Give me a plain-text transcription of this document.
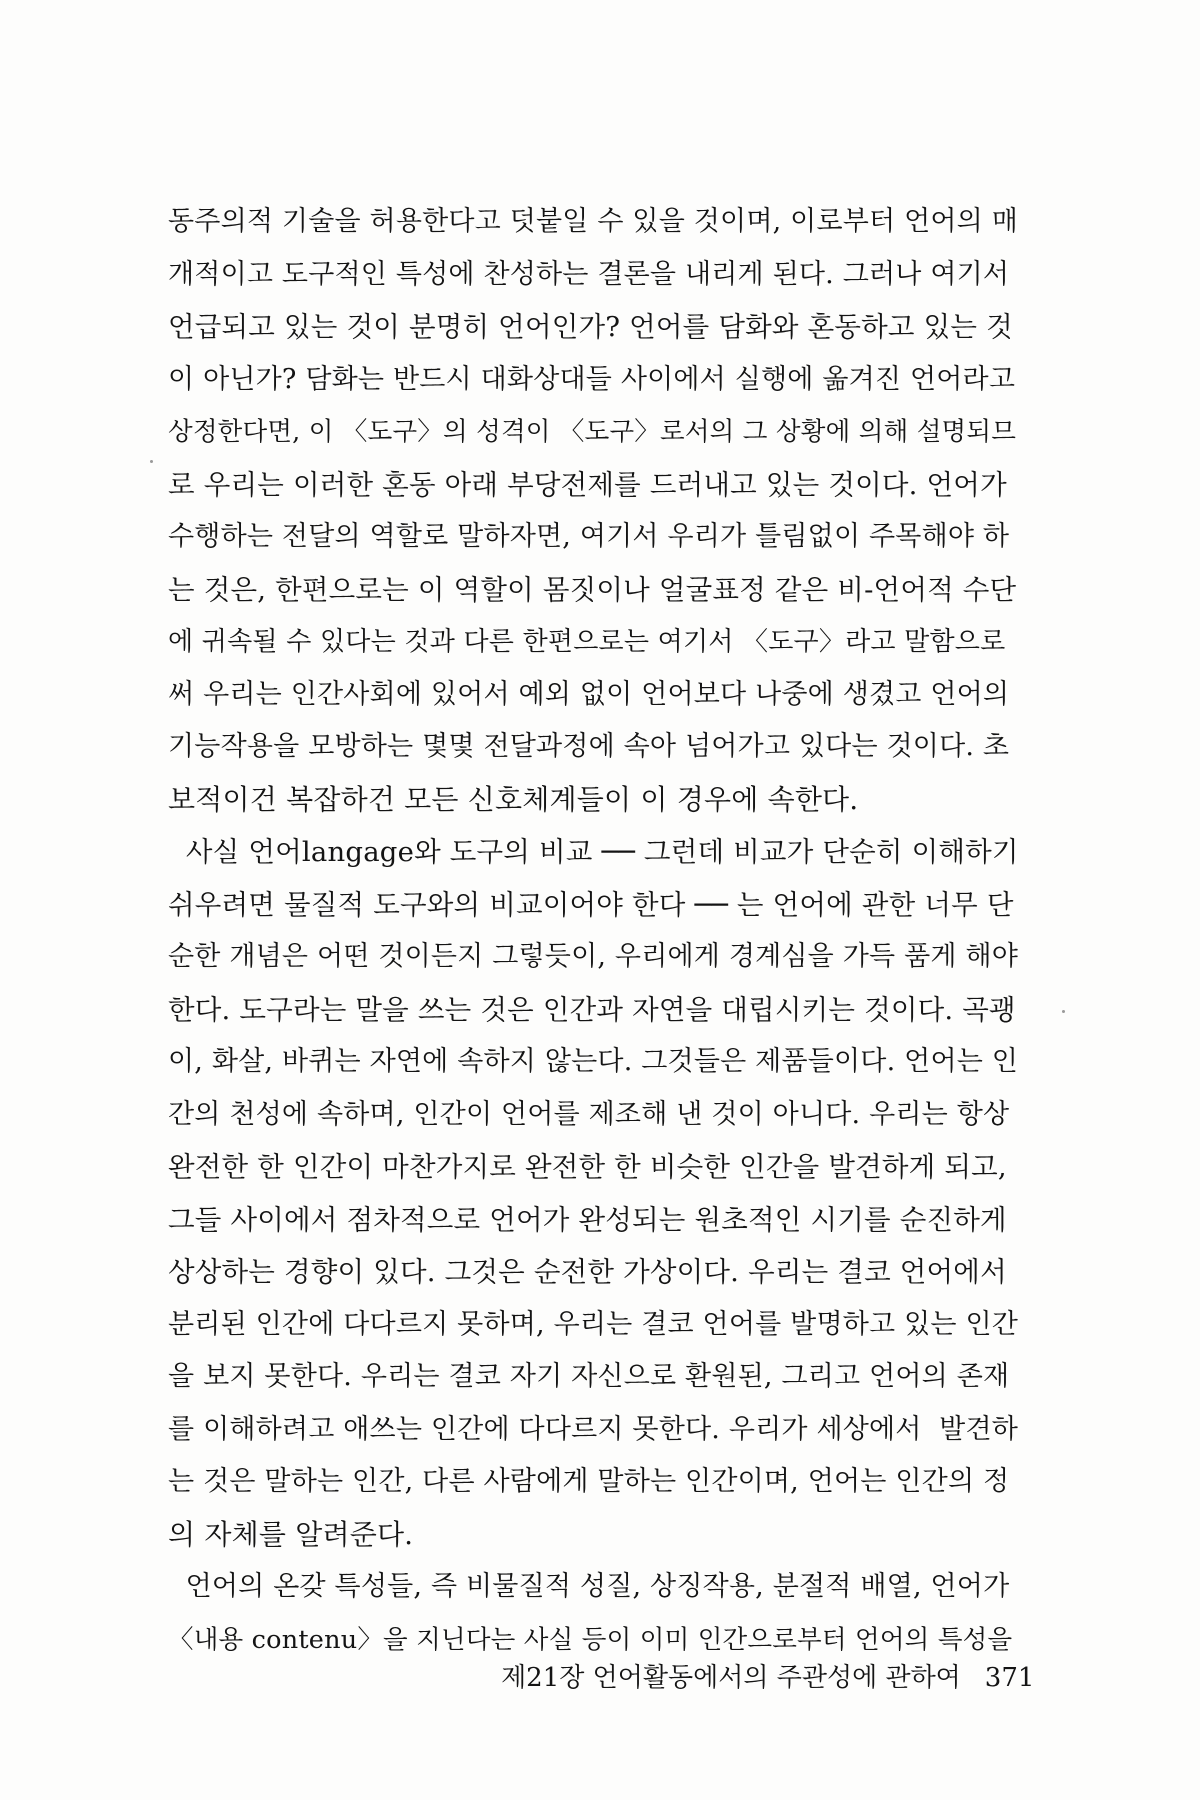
동주의적 기술을 허용한다고 덧붙일 수 있을 것이며, 이로부터 언어의 매
개적이고 도구적인 특성에 찬성하는 결론을 내리게 된다. 그러나 여기서
언급되고 있는 것이 분명히 언어인가? 언어를 담화와 혼동하고 있는 것
이 아닌가? 담화는 반드시 대화상대들 사이에서 실행에 옮겨진 언어라고
상정한다면, 이 〈도구〉의 성격이 〈도구〉로서의 그 상황에 의해 설명되므
로 우리는 이러한 혼동 아래 부당전제를 드러내고 있는 것이다. 언어가
수행하는 전달의 역할로 말하자면, 여기서 우리가 틀림없이 주목해야 하
는 것은, 한편으로는 이 역할이 몸짓이나 얼굴표정 같은 비-언어적 수단
에 귀속될 수 있다는 것과 다른 한편으로는 여기서 〈도구〉라고 말함으로
써 우리는 인간사회에 있어서 예외 없이 언어보다 나중에 생겼고 언어의
기능작용을 모방하는 몇몇 전달과정에 속아 넘어가고 있다는 것이다. 초
보적이건 복잡하건 모든 신호체계들이 이 경우에 속한다.
사실 언어langage와 도구의 비교 ── 그런데 비교가 단순히 이해하기
쉬우려면 물질적 도구와의 비교이어야 한다 ── 는 언어에 관한 너무 단
순한 개념은 어떤 것이든지 그렇듯이, 우리에게 경계심을 가득 품게 해야
한다. 도구라는 말을 쓰는 것은 인간과 자연을 대립시키는 것이다. 곡괭
이, 화살, 바퀴는 자연에 속하지 않는다. 그것들은 제품들이다. 언어는 인
간의 천성에 속하며, 인간이 언어를 제조해 낸 것이 아니다. 우리는 항상
완전한 한 인간이 마찬가지로 완전한 한 비슷한 인간을 발견하게 되고,
그들 사이에서 점차적으로 언어가 완성되는 원초적인 시기를 순진하게
상상하는 경향이 있다. 그것은 순전한 가상이다. 우리는 결코 언어에서
분리된 인간에 다다르지 못하며, 우리는 결코 언어를 발명하고 있는 인간
을 보지 못한다. 우리는 결코 자기 자신으로 환원된, 그리고 언어의 존재
를 이해하려고 애쓰는 인간에 다다르지 못한다. 우리가 세상에서  발견하
는 것은 말하는 인간, 다른 사람에게 말하는 인간이며, 언어는 인간의 정
의 자체를 알려준다.
언어의 온갖 특성들, 즉 비물질적 성질, 상징작용, 분절적 배열, 언어가
〈내용 contenu〉을 지닌다는 사실 등이 이미 인간으로부터 언어의 특성을

제21장 언어활동에서의 주관성에 관하여 371
